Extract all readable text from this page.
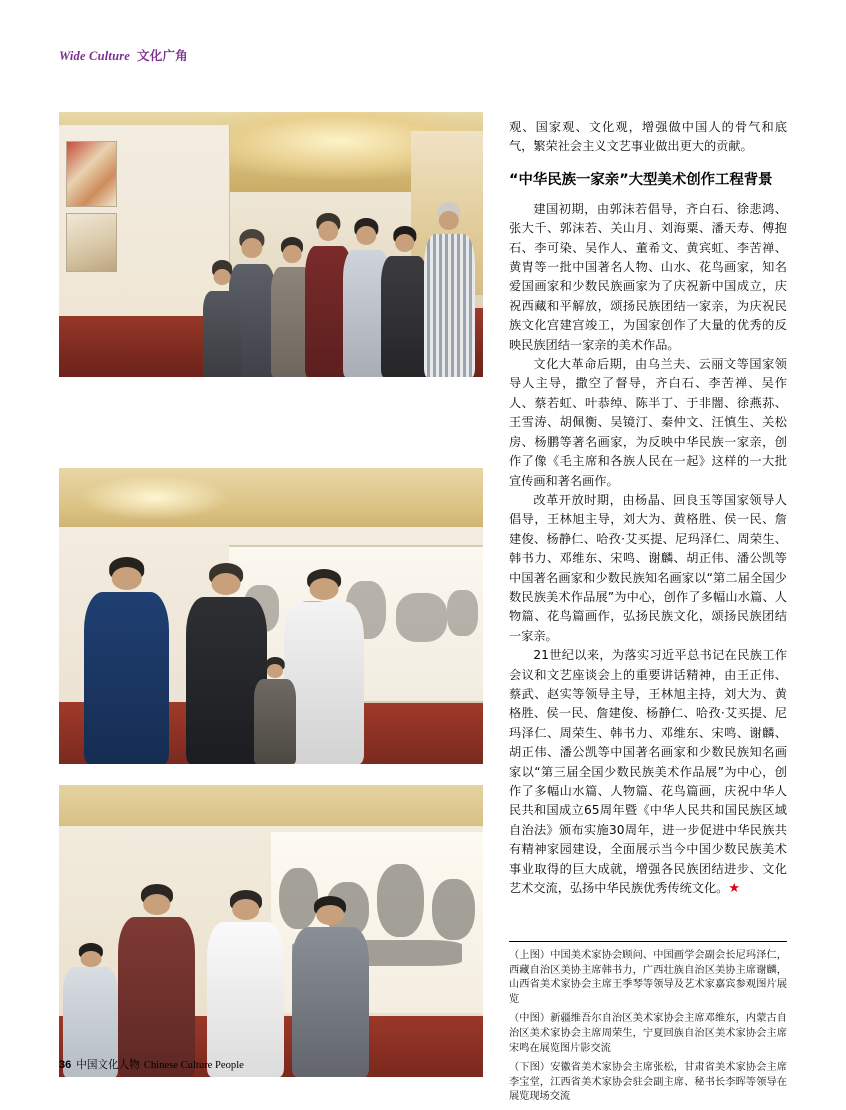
Wide Culture 文化广角

观、国家观、文化观，增强做中国人的骨气和底气，繁荣社会主义文艺事业做出更大的贡献。

“中华民族一家亲”大型美术创作工程背景

建国初期，由郭沫若倡导，齐白石、徐悲鸿、张大千、郭沫若、关山月、刘海粟、潘天寿、傅抱石、李可染、吴作人、董希文、黄宾虹、李苦禅、黄胄等一批中国著名人物、山水、花鸟画家，知名爱国画家和少数民族画家为了庆祝新中国成立，庆祝西藏和平解放，颂扬民族团结一家亲，为庆祝民族文化宫建宫竣工，为国家创作了大量的优秀的反映民族团结一家亲的美术作品。

文化大革命后期，由乌兰夫、云丽文等国家领导人主导，撒空了督导，齐白石、李苦禅、吴作人、蔡若虹、叶恭绰、陈半丁、于非闇、徐燕荪、王雪涛、胡佩衡、吴镜汀、秦仲文、汪慎生、关松房、杨鹏等著名画家，为反映中华民族一家亲，创作了像《毛主席和各族人民在一起》这样的一大批宣传画和著名画作。

改革开放时期，由杨晶、回良玉等国家领导人倡导，王林旭主导，刘大为、黄格胜、侯一民、詹建俊、杨静仁、哈孜·艾买提、尼玛泽仁、周荣生、韩书力、邓维东、宋鸣、谢麟、胡正伟、潘公凯等中国著名画家和少数民族知名画家以“第二届全国少数民族美术作品展”为中心，创作了多幅山水篇、人物篇、花鸟篇画作，弘扬民族文化，颂扬民族团结一家亲。

21世纪以来，为落实习近平总书记在民族工作会议和文艺座谈会上的重要讲话精神，由王正伟、蔡武、赵实等领导主导，王林旭主持，刘大为、黄格胜、侯一民、詹建俊、杨静仁、哈孜·艾买提、尼玛泽仁、周荣生、韩书力、邓维东、宋鸣、谢麟、胡正伟、潘公凯等中国著名画家和少数民族知名画家以“第三届全国少数民族美术作品展”为中心，创作了多幅山水篇、人物篇、花鸟篇画，庆祝中华人民共和国成立65周年暨《中华人民共和国民族区域自治法》颁布实施30周年，进一步促进中华民族共有精神家园建设，全面展示当今中国少数民族美术事业取得的巨大成就，增强各民族团结进步、文化艺术交流，弘扬中华民族优秀传统文化。★

（上图）中国美术家协会顾问、中国画学会副会长尼玛泽仁，西藏自治区美协主席韩书力，广西壮族自治区美协主席谢麟，山西省美术家协会主席王季琴等领导及艺术家嘉宾参观图片展览

（中图）新疆维吾尔自治区美术家协会主席邓维东，内蒙古自治区美术家协会主席周荣生，宁夏回族自治区美术家协会主席宋鸣在展览图片影交流

（下图）安徽省美术家协会主席张松，甘肃省美术家协会主席李宝堂，江西省美术家协会驻会副主席、秘书长李晖等领导在展览现场交流

36 中国文化人物 Chinese Culture People
